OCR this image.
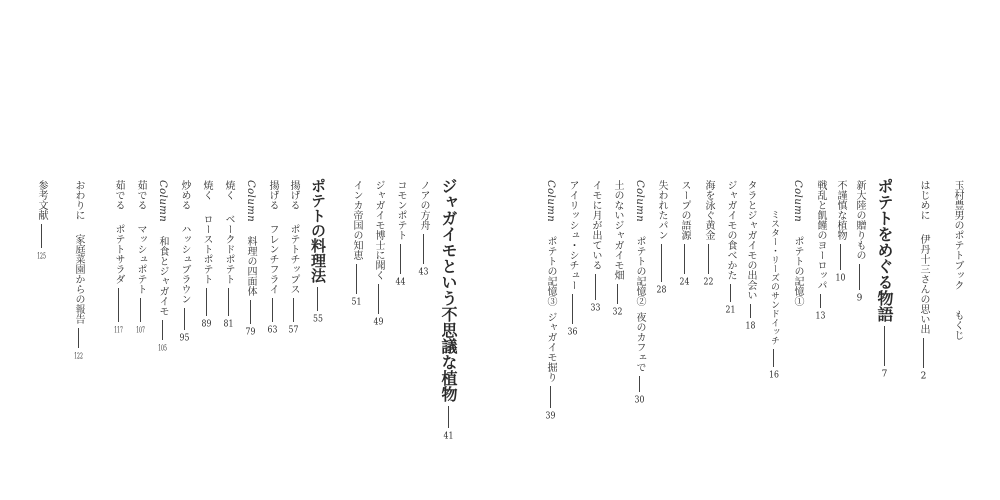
玉村豊男のポテトブック
もくじ
はじめに
伊丹十三さんの思い出
2
ポテトをめぐる物語
7
新大陸の贈りもの
9
不謹慎な植物
10
戦乱と飢饉のヨーロッパ
13
Column
ポテトの記憶①
ミスター・リーズのサンドイッチ
16
タラとジャガイモの出会い
18
ジャガイモの食べかた
21
海を泳ぐ黄金
22
スープの語源
24
失われたパン
28
Column
ポテトの記憶②
夜のカフェで
30
土のないジャガイモ畑
32
イモに月が出ている
33
アイリッシュ・シチュー
36
Column
ポテトの記憶③
ジャガイモ掘り
39
ジャガイモという不思議な植物
41
ノアの方舟
43
コモンポテト
44
ジャガイモ博士に聞く
49
インカ帝国の知恵
51
ポテトの料理法
55
揚げる
ポテトチップス
57
揚げる
フレンチフライ
63
Column
料理の四面体
79
焼く
ベークドポテト
81
焼く
ローストポテト
89
炒める
ハッシュブラウン
95
Column
和食とジャガイモ
105
茹でる
マッシュポテト
107
茹でる
ポテトサラダ
117
おわりに
家庭菜園からの報告
122
参考文献
125
